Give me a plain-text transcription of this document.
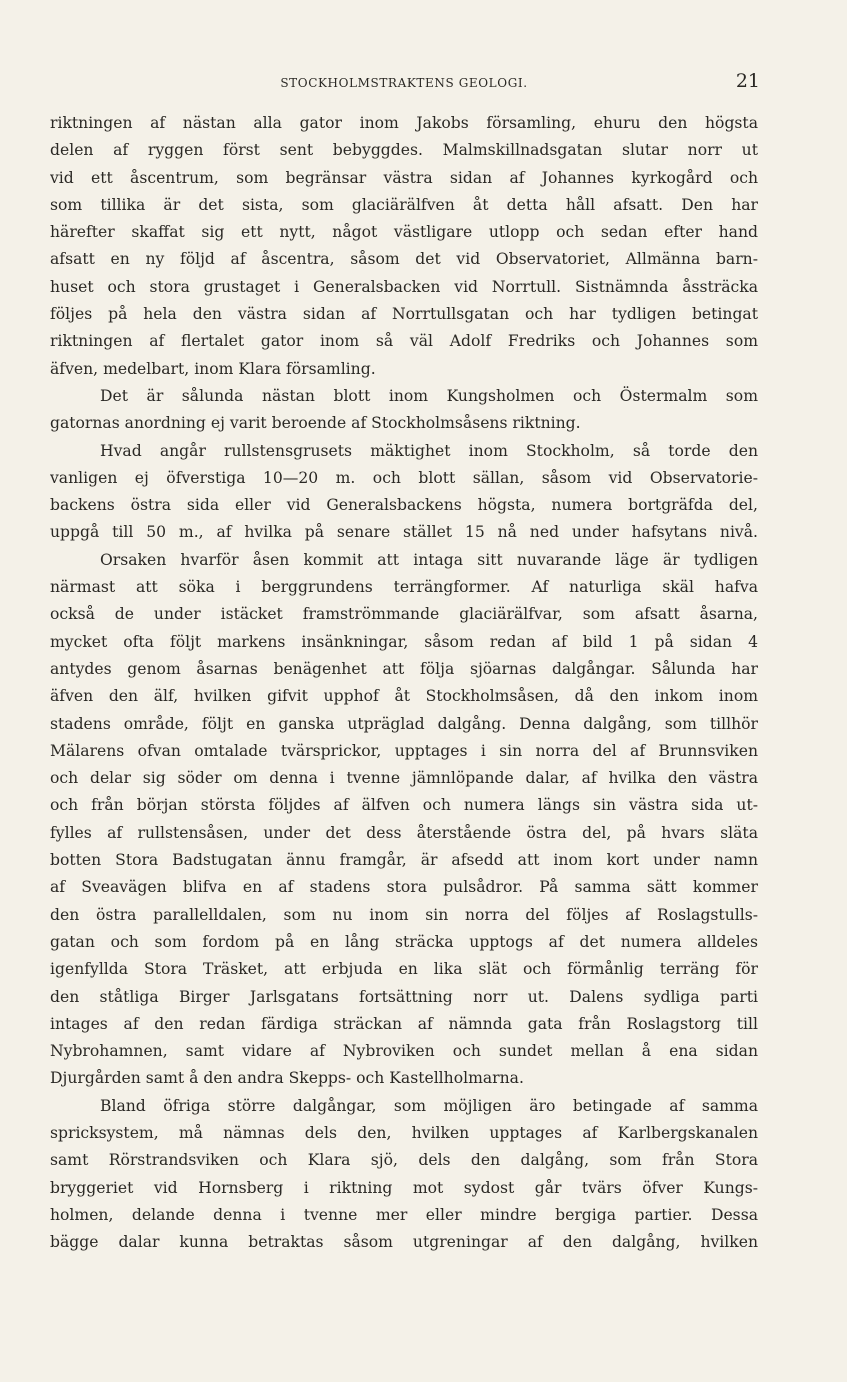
STOCKHOLMSTRAKTENS GEOLOGI.	21
riktningen af nästan alla gator inom Jakobs församling, ehuru den högsta
delen af ryggen först sent bebyggdes. Malmskillnadsgatan slutar norr ut
vid ett åscentrum, som begränsar västra sidan af Johannes kyrkogård och
som tillika är det sista, som glaciärälfven åt detta håll afsatt. Den har
härefter skaffat sig ett nytt, något västligare utlopp och sedan efter hand
afsatt en ny följd af åscentra, såsom det vid Observatoriet, Allmänna barn-
huset och stora grustaget i Generalsbacken vid Norrtull. Sistnämnda åssträcka
följes på hela den västra sidan af Norrtullsgatan och har tydligen betingat
riktningen af flertalet gator inom så väl Adolf Fredriks och Johannes som
äfven, medelbart, inom Klara församling.
Det är sålunda nästan blott inom Kungsholmen och Östermalm som
gatornas anordning ej varit beroende af Stockholmsåsens riktning.
Hvad angår rullstensgrusets mäktighet inom Stockholm, så torde den
vanligen ej öfverstiga 10—20 m. och blott sällan, såsom vid Observatorie-
backens östra sida eller vid Generalsbackens högsta, numera bortgräfda del,
uppgå till 50 m., af hvilka på senare stället 15 nå ned under hafsytans nivå.
Orsaken hvarför åsen kommit att intaga sitt nuvarande läge är tydligen
närmast att söka i berggrundens terrängformer. Af naturliga skäl hafva
också de under istäcket framströmmande glaciärälfvar, som afsatt åsarna,
mycket ofta följt markens insänkningar, såsom redan af bild 1 på sidan 4
antydes genom åsarnas benägenhet att följa sjöarnas dalgångar. Sålunda har
äfven den älf, hvilken gifvit upphof åt Stockholmsåsen, då den inkom inom
stadens område, följt en ganska utpräglad dalgång. Denna dalgång, som tillhör
Mälarens ofvan omtalade tvärsprickor, upptages i sin norra del af Brunnsviken
och delar sig söder om denna i tvenne jämnlöpande dalar, af hvilka den västra
och från början största följdes af älfven och numera längs sin västra sida ut-
fylles af rullstensåsen, under det dess återstående östra del, på hvars släta
botten Stora Badstugatan ännu framgår, är afsedd att inom kort under namn
af Sveavägen blifva en af stadens stora pulsådror. På samma sätt kommer
den östra parallelldalen, som nu inom sin norra del följes af Roslagstulls-
gatan och som fordom på en lång sträcka upptogs af det numera alldeles
igenfyllda Stora Träsket, att erbjuda en lika slät och förmånlig terräng för
den ståtliga Birger Jarlsgatans fortsättning norr ut. Dalens sydliga parti
intages af den redan färdiga sträckan af nämnda gata från Roslagstorg till
Nybrohamnen, samt vidare af Nybroviken och sundet mellan å ena sidan
Djurgården samt å den andra Skepps- och Kastellholmarna.
Bland öfriga större dalgångar, som möjligen äro betingade af samma
spricksystem, må nämnas dels den, hvilken upptages af Karlbergskanalen
samt Rörstrandsviken och Klara sjö, dels den dalgång, som från Stora
bryggeriet vid Hornsberg i riktning mot sydost går tvärs öfver Kungs-
holmen, delande denna i tvenne mer eller mindre bergiga partier. Dessa
bägge dalar kunna betraktas såsom utgreningar af den dalgång, hvilken
